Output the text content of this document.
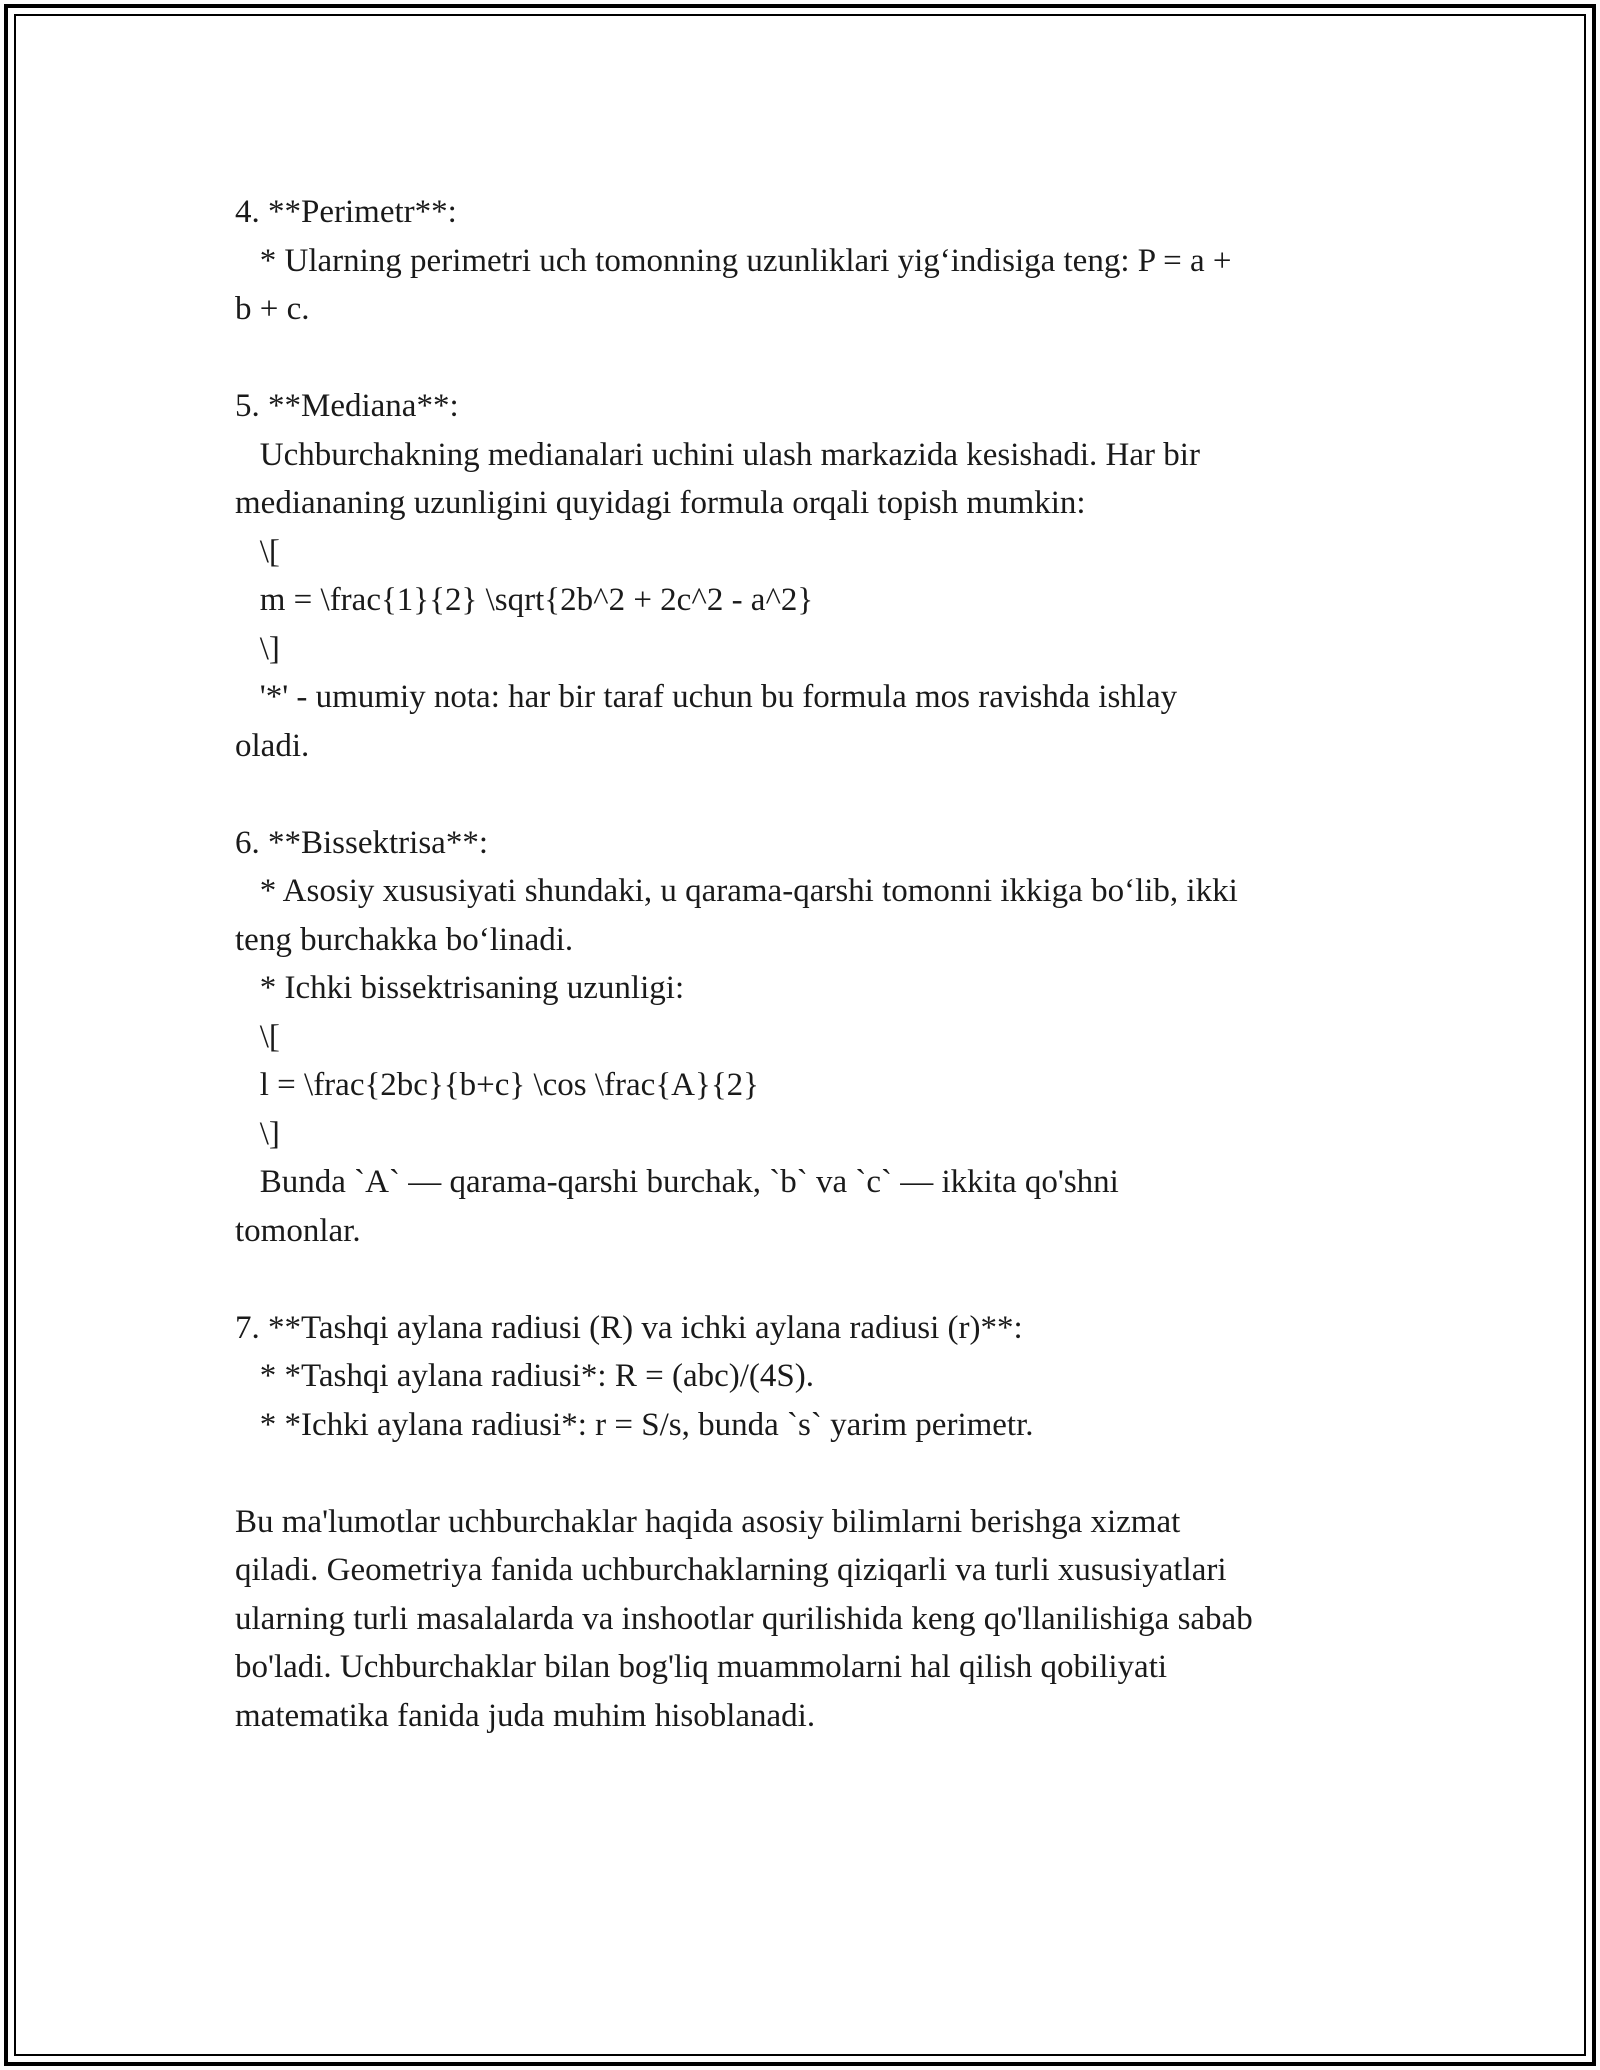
4. **Perimetr**:
* Ularning perimetri uch tomonning uzunliklari yig‘indisiga teng: P = a +
b + c.
5. **Mediana**:
Uchburchakning medianalari uchini ulash markazida kesishadi. Har bir
mediananing uzunligini quyidagi formula orqali topish mumkin:
\[
m = \frac{1}{2} \sqrt{2b^2 + 2c^2 - a^2}
\]
'*' - umumiy nota: har bir taraf uchun bu formula mos ravishda ishlay
oladi.
6. **Bissektrisa**:
* Asosiy xususiyati shundaki, u qarama-qarshi tomonni ikkiga bo‘lib, ikki
teng burchakka bo‘linadi.
* Ichki bissektrisaning uzunligi:
\[
l = \frac{2bc}{b+c} \cos \frac{A}{2}
\]
Bunda `A` — qarama-qarshi burchak, `b` va `c` — ikkita qo'shni
tomonlar.
7. **Tashqi aylana radiusi (R) va ichki aylana radiusi (r)**:
* *Tashqi aylana radiusi*: R = (abc)/(4S).
* *Ichki aylana radiusi*: r = S/s, bunda `s` yarim perimetr.
Bu ma'lumotlar uchburchaklar haqida asosiy bilimlarni berishga xizmat
qiladi. Geometriya fanida uchburchaklarning qiziqarli va turli xususiyatlari
ularning turli masalalarda va inshootlar qurilishida keng qo'llanilishiga sabab
bo'ladi. Uchburchaklar bilan bog'liq muammolarni hal qilish qobiliyati
matematika fanida juda muhim hisoblanadi.
